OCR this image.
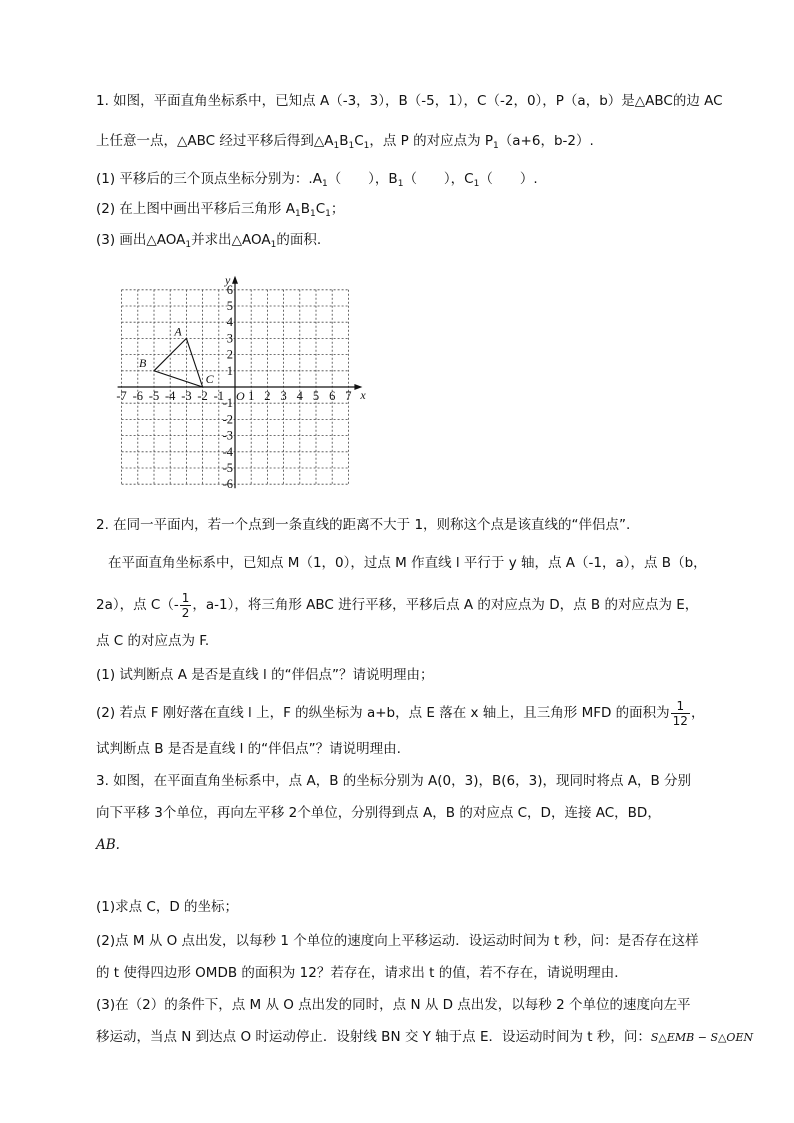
1. 如图，平面直角坐标系中，已知点 A（-3，3），B（-5，1），C（-2，0），P（a，b）是△ABC的边 AC
上任意一点，△ABC 经过平移后得到$\triangle A_1B_1C_1$，点 P 的对应点为 $P_1(a+6$，b-2）.
(1) 平移后的三个顶点坐标分别为：$.A_1$（　　），$B_1$（　　），$C_1$（　　）.
(2) 在上图中画出平移后三角形 $A_1B_1C_1$；
(3) 画出$\triangle AOA_1$并求出$\triangle AOA_1$的面积.
x
y
O
-7 -6 -5 -4 -3 -2 -1 1 2 3 4 5 6 7
6
5
4
3
2
1
-1
-2
-3
-4
-5
-6
A
B
C
2. 在同一平面内，若一个点到一条直线的距离不大于 1，则称这个点是该直线的“伴侣点”.
在平面直角坐标系中，已知点 M（1，0），过点 M 作直线 l 平行于 y 轴，点 A（-1，a），点 B（b，
2a），点 $C(- \frac{1}{2}$ ，a-1），将三角形 ABC 进行平移，平移后点 A 的对应点为 D，点 B 的对应点为 E，
点 C 的对应点为 F.
(1) 试判断点 A 是否是直线 l 的“伴侣点”？请说明理由；
(2) 若点 F 刚好落在直线 l 上，F 的纵坐标为 a+b，点 E 落在 x 轴上，且三角形 MFD 的面积为 $\frac{1}{12}$ ，
试判断点 B 是否是直线 l 的“伴侣点”？请说明理由.
3. 如图，在平面直角坐标系中，点 A，B 的坐标分别为 A(0，3)，B(6，3)，现同时将点 A，B 分别
向下平移 3个单位，再向左平移 2个单位，分别得到点 A，B 的对应点 C，D，连接 AC，BD，
AB.
(1)求点 C，D 的坐标；
(2)点 M 从 O 点出发，以每秒 1 个单位的速度向上平移运动．设运动时间为 t 秒，问：是否存在这样
的 t 使得四边形 OMDB 的面积为 12？若存在，请求出 t 的值，若不存在，请说明理由．
(3)在（2）的条件下，点 M 从 O 点出发的同时，点 N 从 D 点出发，以每秒 2 个单位的速度向左平
移运动，当点 N 到达点 O 时运动停止．设射线 BN 交 Y 轴于点 E．设运动时间为 t 秒，问：S△EMB − S△OEN
